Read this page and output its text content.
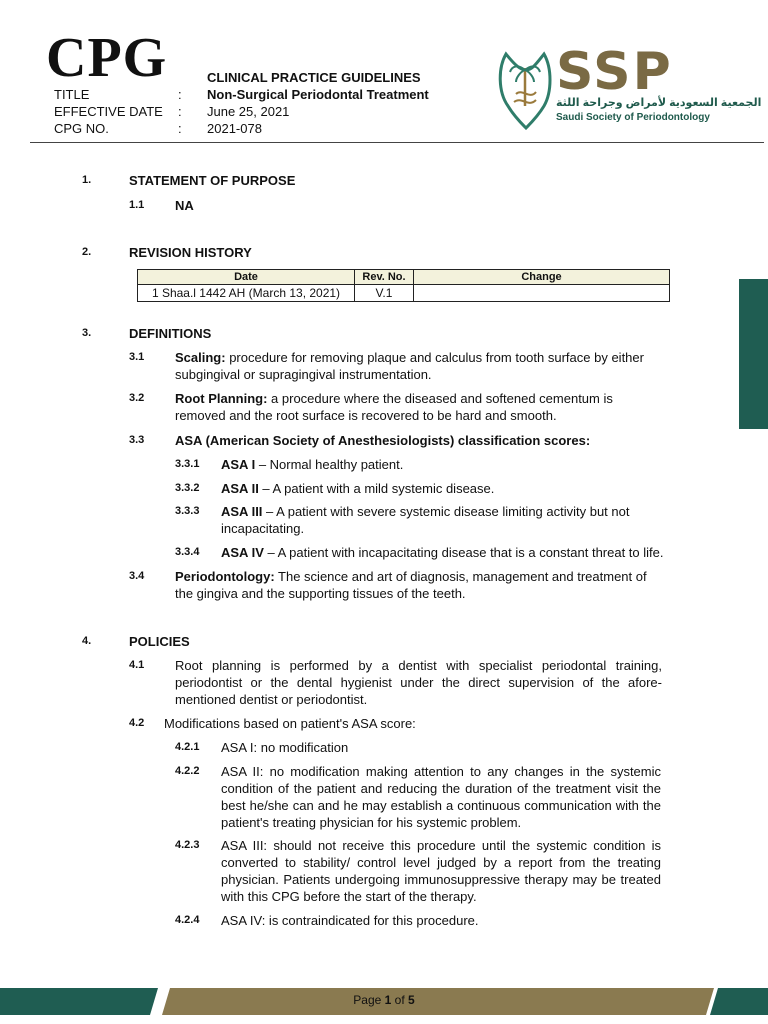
CPG	CLINICAL PRACTICE GUIDELINES
TITLE	: Non-Surgical Periodontal Treatment
EFFECTIVE DATE : June 25, 2021
CPG NO.	: 2021-078
SSP
الجمعية السعودية لأمراض وجراحة اللثة
Saudi Society of Periodontology
1.	STATEMENT OF PURPOSE
1.1 NA
2.	REVISION HISTORY
Date	Rev. No.	Change
1 Shaa.l 1442 AH (March 13, 2021)	V.1	
3.	DEFINITIONS
3.1 Scaling: procedure for removing plaque and calculus from tooth surface by either subgingival or supragingival instrumentation.
3.2 Root Planning: a procedure where the diseased and softened cementum is removed and the root surface is recovered to be hard and smooth.
3.3 ASA (American Society of Anesthesiologists) classification scores:
3.3.1 ASA I – Normal healthy patient.
3.3.2 ASA II – A patient with a mild systemic disease.
3.3.3 ASA III – A patient with severe systemic disease limiting activity but not incapacitating.
3.3.4 ASA IV – A patient with incapacitating disease that is a constant threat to life.
3.4 Periodontology: The science and art of diagnosis, management and treatment of the gingiva and the supporting tissues of the teeth.
4.	POLICIES
4.1 Root planning is performed by a dentist with specialist periodontal training, periodontist or the dental hygienist under the direct supervision of the afore-mentioned dentist or periodontist.
4.2 Modifications based on patient's ASA score:
4.2.1 ASA I: no modification
4.2.2 ASA II: no modification making attention to any changes in the systemic condition of the patient and reducing the duration of the treatment visit the best he/she can and he may establish a continuous communication with the patient's treating physician for his systemic problem.
4.2.3 ASA III: should not receive this procedure until the systemic condition is converted to stability/ control level judged by a report from the treating physician. Patients undergoing immunosuppressive therapy may be treated with this CPG before the start of the therapy.
4.2.4 ASA IV: is contraindicated for this procedure.
Page 1 of 5
